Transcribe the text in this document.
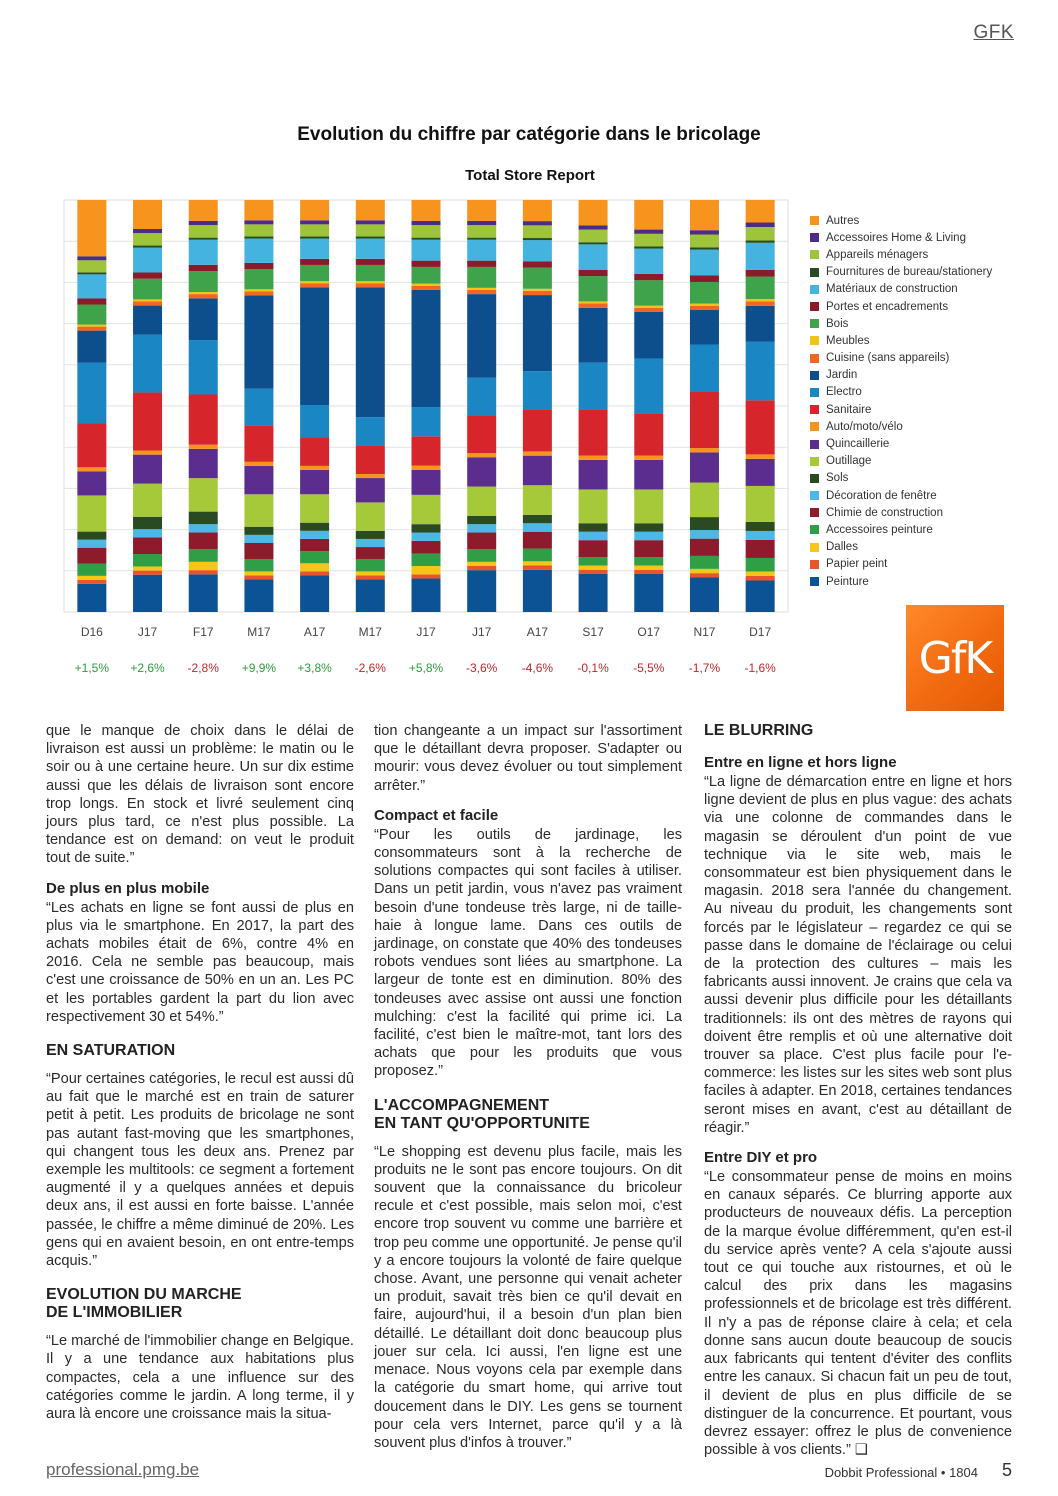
GFK
Evolution du chiffre par catégorie dans le bricolage
Total Store Report
D16
+1,5%
J17
+2,6%
F17
-2,8%
M17
+9,9%
A17
+3,8%
M17
-2,6%
J17
+5,8%
J17
-3,6%
A17
-4,6%
S17
-0,1%
O17
-5,5%
N17
-1,7%
D17
-1,6%
Autres
Accessoires Home & Living
Appareils ménagers
Fournitures de bureau/stationery
Matériaux de construction
Portes et encadrements
Bois
Meubles
Cuisine (sans appareils)
Jardin
Electro
Sanitaire
Auto/moto/vélo
Quincaillerie
Outillage
Sols
Décoration de fenêtre
Chimie de construction
Accessoires peinture
Dalles
Papier peint
Peinture
GfK

que le manque de choix dans le délai de livraison est aussi un problème: le matin ou le soir ou à une certaine heure. Un sur dix estime aussi que les délais de livraison sont encore trop longs. En stock et livré seulement cinq jours plus tard, ce n'est plus possible. La tendance est on demand: on veut le produit tout de suite.”

De plus en plus mobile

“Les achats en ligne se font aussi de plus en plus via le smartphone. En 2017, la part des achats mobiles était de 6%, contre 4% en 2016. Cela ne semble pas beaucoup, mais c'est une croissance de 50% en un an. Les PC et les portables gardent la part du lion avec respectivement 30 et 54%.”

EN SATURATION

“Pour certaines catégories, le recul est aussi dû au fait que le marché est en train de saturer petit à petit. Les produits de bricolage ne sont pas autant fast-moving que les smartphones, qui changent tous les deux ans. Prenez par exemple les multitools: ce segment a fortement augmenté il y a quelques années et depuis deux ans, il est aussi en forte baisse. L'année passée, le chiffre a même diminué de 20%. Les gens qui en avaient besoin, en ont entre-temps acquis.”

EVOLUTION DU MARCHE
DE L'IMMOBILIER

“Le marché de l'immobilier change en Belgique. Il y a une tendance aux habitations plus compactes, cela a une influence sur des catégories comme le jardin. A long terme, il y aura là encore une croissance mais la situa-

tion changeante a un impact sur l'assortiment que le détaillant devra proposer. S'adapter ou mourir: vous devez évoluer ou tout simplement arrêter.”

Compact et facile

“Pour les outils de jardinage, les consommateurs sont à la recherche de solutions compactes qui sont faciles à utiliser. Dans un petit jardin, vous n'avez pas vraiment besoin d'une tondeuse très large, ni de taille-haie à longue lame. Dans ces outils de jardinage, on constate que 40% des tondeuses robots vendues sont liées au smartphone. La largeur de tonte est en diminution. 80% des tondeuses avec assise ont aussi une fonction mulching: c'est la facilité qui prime ici. La facilité, c'est bien le maître-mot, tant lors des achats que pour les produits que vous proposez.”

L'ACCOMPAGNEMENT
EN TANT QU'OPPORTUNITE

“Le shopping est devenu plus facile, mais les produits ne le sont pas encore toujours. On dit souvent que la connaissance du bricoleur recule et c'est possible, mais selon moi, c'est encore trop souvent vu comme une barrière et trop peu comme une opportunité. Je pense qu'il y a encore toujours la volonté de faire quelque chose. Avant, une personne qui venait acheter un produit, savait très bien ce qu'il devait en faire, aujourd'hui, il a besoin d'un plan bien détaillé. Le détaillant doit donc beaucoup plus jouer sur cela. Ici aussi, l'en ligne est une menace. Nous voyons cela par exemple dans la catégorie du smart home, qui arrive tout doucement dans le DIY. Les gens se tournent pour cela vers Internet, parce qu'il y a là souvent plus d'infos à trouver.”

LE BLURRING
Entre en ligne et hors ligne

“La ligne de démarcation entre en ligne et hors ligne devient de plus en plus vague: des achats via une colonne de commandes dans le magasin se déroulent d'un point de vue technique via le site web, mais le consommateur est bien physiquement dans le magasin. 2018 sera l'année du changement. Au niveau du produit, les changements sont forcés par le législateur – regardez ce qui se passe dans le domaine de l'éclairage ou celui de la protection des cultures – mais les fabricants aussi innovent. Je crains que cela va aussi devenir plus difficile pour les détaillants traditionnels: ils ont des mètres de rayons qui doivent être remplis et où une alternative doit trouver sa place. C'est plus facile pour l'e-commerce: les listes sur les sites web sont plus faciles à adapter. En 2018, certaines tendances seront mises en avant, c'est au détaillant de réagir.”

Entre DIY et pro

“Le consommateur pense de moins en moins en canaux séparés. Ce blurring apporte aux producteurs de nouveaux défis. La perception de la marque évolue différemment, qu'en est-il du service après vente? A cela s'ajoute aussi tout ce qui touche aux ristournes, et où le calcul des prix dans les magasins professionnels et de bricolage est très différent. Il n'y a pas de réponse claire à cela; et cela donne sans aucun doute beaucoup de soucis aux fabricants qui tentent d'éviter des conflits entre les canaux. Si chacun fait un peu de tout, il devient de plus en plus difficile de se distinguer de la concurrence. Et pourtant, vous devrez essayer: offrez le plus de convenience possible à vos clients.” ❑

professional.pmg.be	Dobbit Professional • 1804 5
